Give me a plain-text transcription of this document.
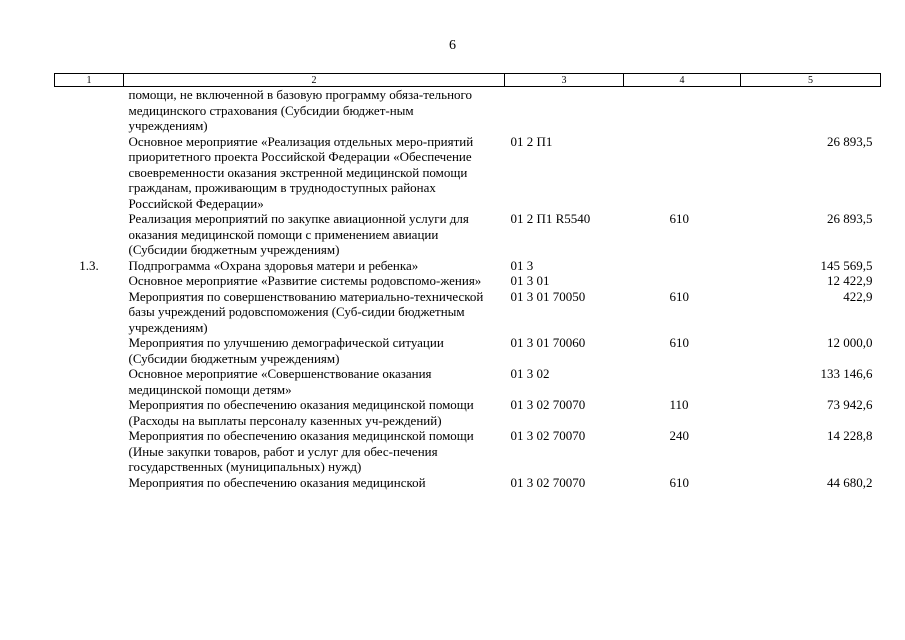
6
1	2	3	4	5
	помощи, не включенной в базовую программу обяза-тельного медицинского страхования (Субсидии бюджет-ным учреждениям)			
	Основное мероприятие «Реализация отдельных меро-приятий приоритетного проекта Российской Федерации «Обеспечение своевременности оказания экстренной медицинской помощи гражданам, проживающим в труднодоступных районах Российской Федерации»	01 2 П1		26 893,5
	Реализация мероприятий по закупке авиационной услуги для оказания медицинской помощи с применением авиации (Субсидии бюджетным учреждениям)	01 2 П1 R5540	610	26 893,5
1.3.	Подпрограмма «Охрана здоровья матери и ребенка»	01 3		145 569,5
	Основное мероприятие «Развитие системы родовспомо-жения»	01 3 01		12 422,9
	Мероприятия по совершенствованию материально-технической базы учреждений родовспоможения (Суб-сидии бюджетным учреждениям)	01 3 01 70050	610	422,9
	Мероприятия по улучшению демографической ситуации (Субсидии бюджетным учреждениям)	01 3 01 70060	610	12 000,0
	Основное мероприятие «Совершенствование оказания медицинской помощи детям»	01 3 02		133 146,6
	Мероприятия по обеспечению оказания медицинской помощи (Расходы на выплаты персоналу казенных уч-реждений)	01 3 02 70070	110	73 942,6
	Мероприятия по обеспечению оказания медицинской помощи (Иные закупки товаров, работ и услуг для обес-печения государственных (муниципальных) нужд)	01 3 02 70070	240	14 228,8
	Мероприятия по обеспечению оказания медицинской	01 3 02 70070	610	44 680,2
